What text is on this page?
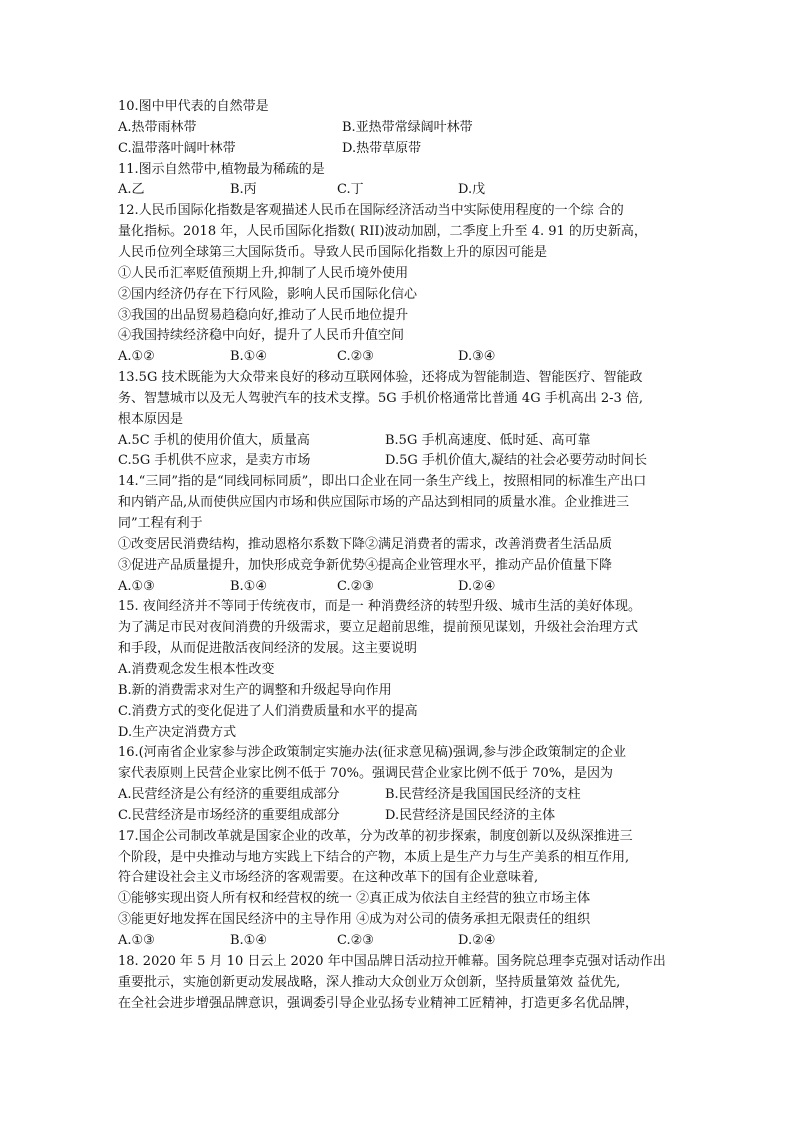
10.图中甲代表的自然带是
A.热带雨林带	B.亚热带常绿阔叶林带
C.温带落叶阔叶林带	D.热带草原带
11.图示自然带中,植物最为稀疏的是
A.乙	B.丙	C.丁	D.戊
12.人民币国际化指数是客观描述人民币在国际经济活动当中实际使用程度的一个综 合的
量化指标。2018 年，人民币国际化指数( RII)波动加剧，二季度上升至 4. 91 的历史新高，
人民币位列全球第三大国际货币。导致人民币国际化指数上升的原因可能是
①人民币汇率贬值预期上升,抑制了人民币境外使用
②国内经济仍存在下行风险，影响人民币国际化信心
③我国的出品贸易趋稳向好,推动了人民币地位提升
④我国持续经济稳中向好，提升了人民币升值空间
A.①②	B.①④	C.②③	D.③④
13.5G 技术既能为大众带来良好的移动互联网体验，还将成为智能制造、智能医疗、智能政
务、智慧城市以及无人驾驶汽车的技术支撑。5G 手机价格通常比普通 4G 手机高出 2-3 倍,
根本原因是
A.5C 手机的使用价值大，质量高	B.5G 手机高速度、低时延、高可靠
C.5G 手机供不应求，是卖方市场	D.5G 手机价值大,凝结的社会必要劳动时间长
14.“三同”指的是“同线同标同质”，即出口企业在同一条生产线上，按照相同的标准生产出口
和内销产品,从而使供应国内市场和供应国际市场的产品达到相同的质量水准。企业推进三
同”工程有利于
①改变居民消费结构，推动恩格尔系数下降②满足消费者的需求，改善消费者生活品质
③促进产品质量提升，加快形成竞争新优势④提高企业管理水平，推动产品价值量下降
A.①③	B.①④	C.②③	D.②④
15. 夜间经济并不等同于传统夜市，而是一 种消费经济的转型升级、城市生活的美好体现。
为了满足市民对夜间消费的升级需求，要立足超前思维，提前预见谋划，升级社会治理方式
和手段，从而促进散活夜间经济的发展。这主要说明
A.消费观念发生根本性改变
B.新的消费需求对生产的调整和升级起导向作用
C.消费方式的变化促进了人们消费质量和水平的提高
D.生产决定消费方式
16.(河南省企业家参与涉企政策制定实施办法(征求意见稿)强调,参与涉企政策制定的企业
家代表原则上民营企业家比例不低于 70%。强调民营企业家比例不低于 70%，是因为
A.民营经济是公有经济的重要组成部分	B.民营经济是我国国民经济的支柱
C.民营经济是市场经济的重要组成部分	D.民营经济是国民经济的主体
17.国企公司制改革就是国家企业的改革，分为改革的初步探索，制度创新以及纵深推进三
个阶段，是中央推动与地方实践上下结合的产物，本质上是生产力与生产美系的相互作用,
符合建设社会主义市场经济的客观需要。在这种改革下的国有企业意味着,
①能够实现出资人所有权和经营权的统一 ②真正成为依法自主经营的独立市场主体
③能更好地发挥在国民经济中的主导作用 ④成为对公司的债务承担无限责任的组织
A.①③	B.①④	C.②③	D.②④
18. 2020 年 5 月 10 日云上 2020 年中国品牌日活动拉开帷幕。国务院总理李克强对话动作出
重要批示，实施创新更动发展战略，深人推动大众创业万众创新，坚持质量第效 益优先,
在全社会进步增强品牌意识，强调委引导企业弘扬专业精神工匠精神，打造更多名优品牌，
